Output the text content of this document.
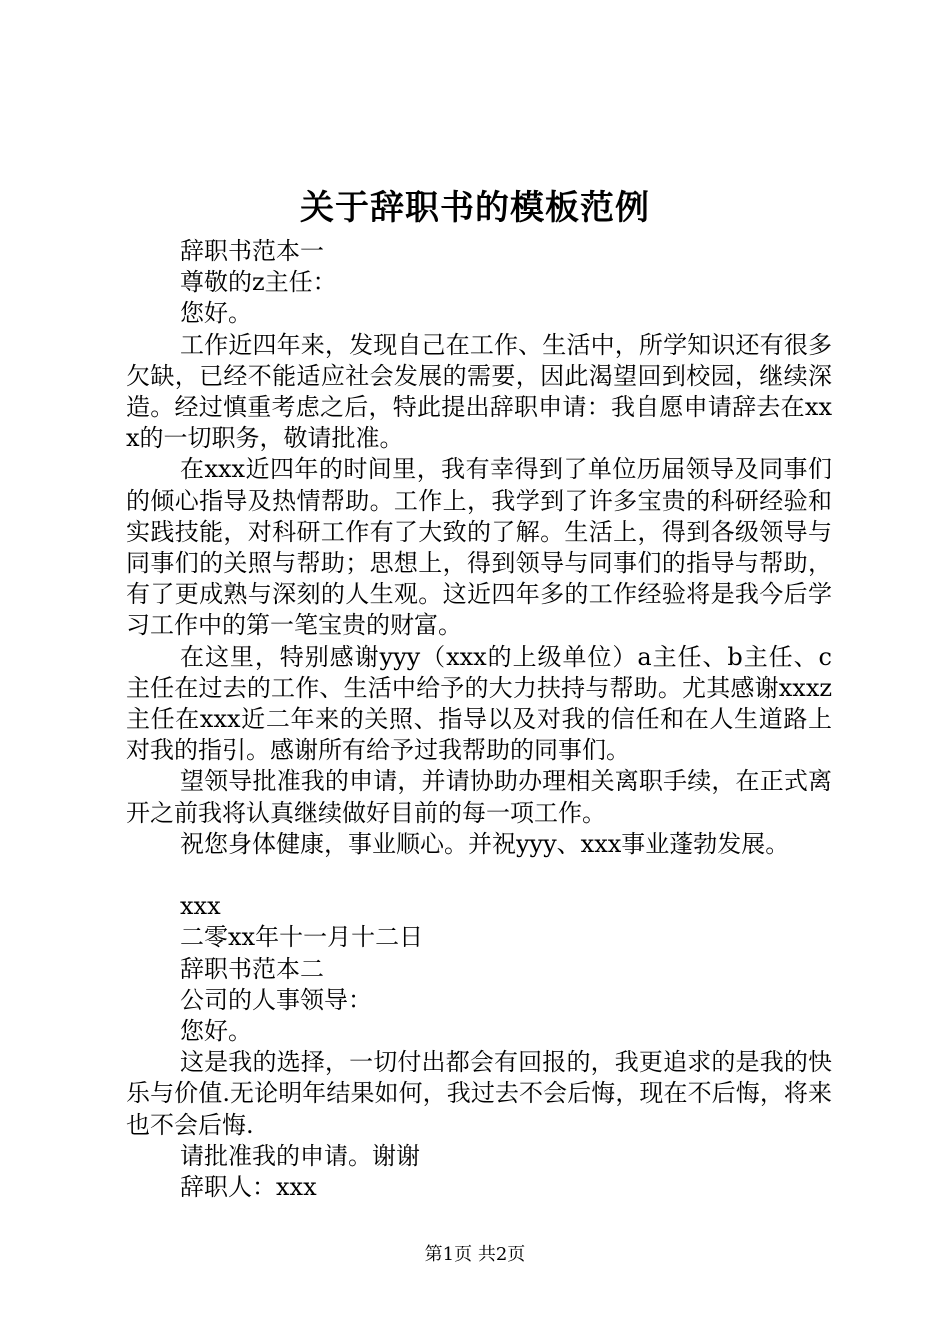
关于辞职书的模板范例

辞职书范本一

尊敬的z主任：

您好。

工作近四年来，发现自己在工作、生活中，所学知识还有很多欠缺，已经不能适应社会发展的需要，因此渴望回到校园，继续深造。经过慎重考虑之后，特此提出辞职申请：我自愿申请辞去在xxx的一切职务，敬请批准。

在xxx近四年的时间里，我有幸得到了单位历届领导及同事们的倾心指导及热情帮助。工作上，我学到了许多宝贵的科研经验和实践技能，对科研工作有了大致的了解。生活上，得到各级领导与同事们的关照与帮助；思想上，得到领导与同事们的指导与帮助，有了更成熟与深刻的人生观。这近四年多的工作经验将是我今后学习工作中的第一笔宝贵的财富。

在这里，特别感谢yyy（xxx的上级单位）a主任、b主任、c主任在过去的工作、生活中给予的大力扶持与帮助。尤其感谢xxxz主任在xxx近二年来的关照、指导以及对我的信任和在人生道路上对我的指引。感谢所有给予过我帮助的同事们。

望领导批准我的申请，并请协助办理相关离职手续，在正式离开之前我将认真继续做好目前的每一项工作。

祝您身体健康，事业顺心。并祝yyy、xxx事业蓬勃发展。

xxx

二零xx年十一月十二日

辞职书范本二

公司的人事领导：

您好。

这是我的选择，一切付出都会有回报的，我更追求的是我的快乐与价值.无论明年结果如何，我过去不会后悔，现在不后悔，将来也不会后悔.

请批准我的申请。谢谢

辞职人：xxx

第1页 共2页
